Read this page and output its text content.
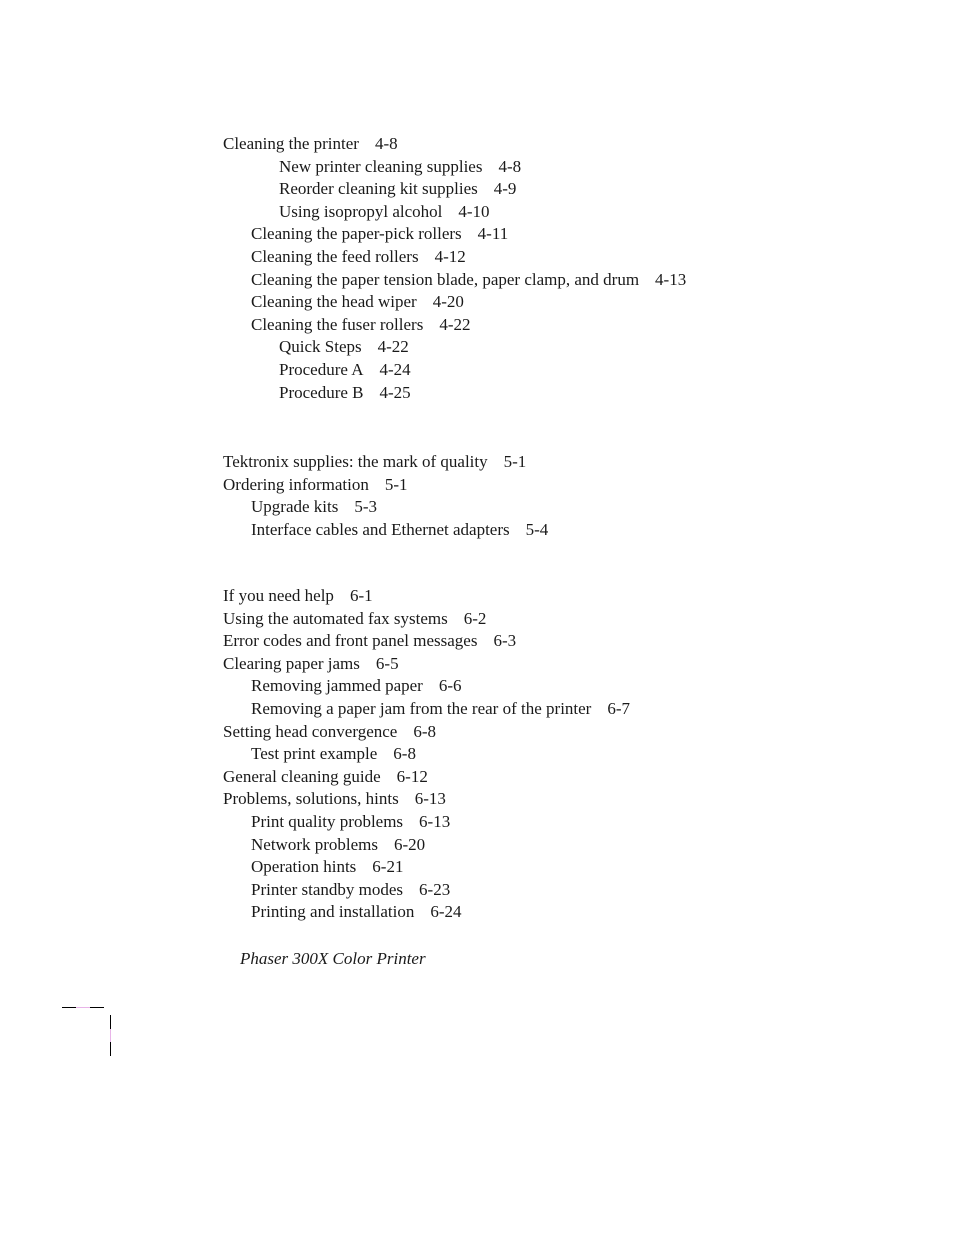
Cleaning the printer 4-8
New printer cleaning supplies 4-8
Reorder cleaning kit supplies 4-9
Using isopropyl alcohol 4-10
Cleaning the paper-pick rollers 4-11
Cleaning the feed rollers 4-12
Cleaning the paper tension blade, paper clamp, and drum 4-13
Cleaning the head wiper 4-20
Cleaning the fuser rollers 4-22
Quick Steps 4-22
Procedure A 4-24
Procedure B 4-25
Tektronix supplies: the mark of quality 5-1
Ordering information 5-1
Upgrade kits 5-3
Interface cables and Ethernet adapters 5-4
If you need help 6-1
Using the automated fax systems 6-2
Error codes and front panel messages 6-3
Clearing paper jams 6-5
Removing jammed paper 6-6
Removing a paper jam from the rear of the printer 6-7
Setting head convergence 6-8
Test print example 6-8
General cleaning guide 6-12
Problems, solutions, hints 6-13
Print quality problems 6-13
Network problems 6-20
Operation hints 6-21
Printer standby modes 6-23
Printing and installation 6-24
Phaser 300X Color Printer
